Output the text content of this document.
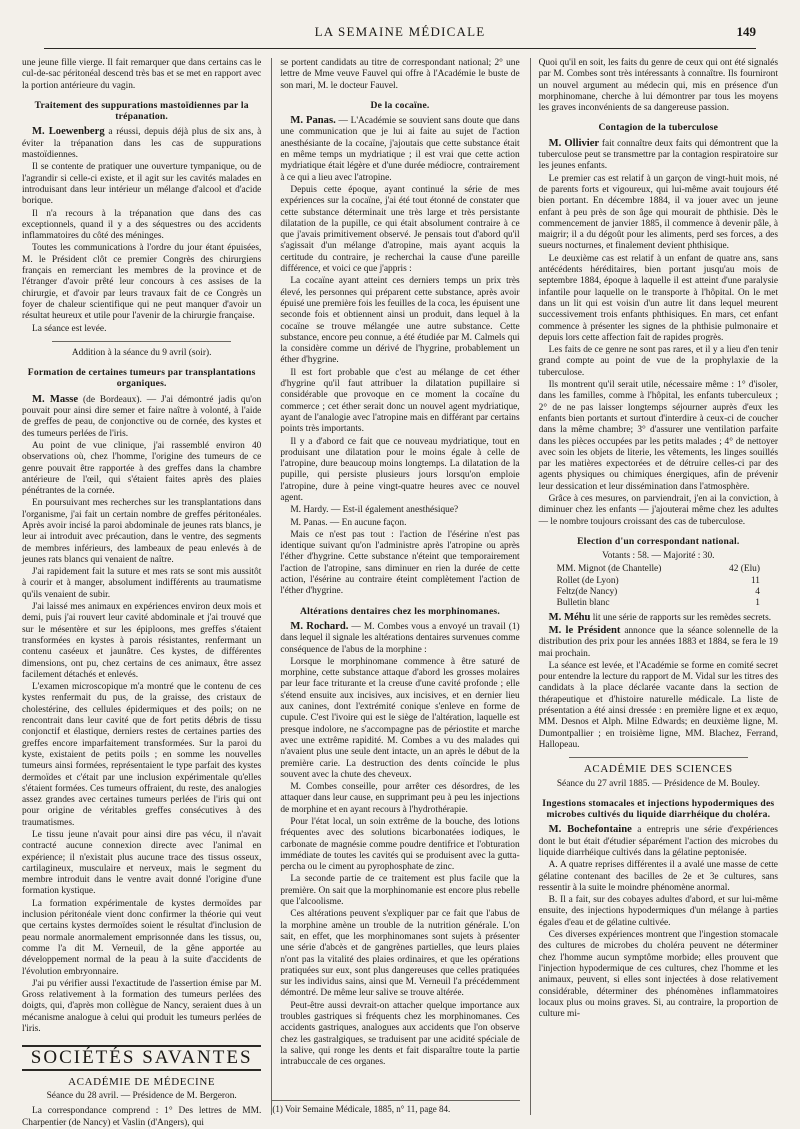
LA SEMAINE MÉDICALE	149

une jeune fille vierge. Il fait remarquer que dans certains cas le cul-de-sac péritonéal descend très bas et se met en rapport avec la portion antérieure du vagin.

Traitement des suppurations mastoïdiennes par la trépanation.

M. Loewenberg a réussi, depuis déjà plus de six ans, à éviter la trépanation dans les cas de suppurations mastoïdiennes.

Il se contente de pratiquer une ouverture tympanique, ou de l'agrandir si celle-ci existe, et il agit sur les cavités malades en introduisant dans leur intérieur un mélange d'alcool et d'acide borique.

Il n'a recours à la trépanation que dans des cas exceptionnels, quand il y a des séquestres ou des accidents inflammatoires du côté des méninges.

Toutes les communications à l'ordre du jour étant épuisées, M. le Président clôt ce premier Congrès des chirurgiens français en remerciant les membres de la province et de l'étranger d'avoir prêté leur concours à ces assises de la chirurgie, et d'avoir par leurs travaux fait de ce Congrès un foyer de chaleur scientifique qui ne peut manquer d'avoir un résultat heureux et utile pour l'avenir de la chirurgie française.

La séance est levée.

Addition à la séance du 9 avril (soir).

Formation de certaines tumeurs par transplantations organiques.

M. Masse (de Bordeaux). — J'ai démontré jadis qu'on pouvait pour ainsi dire semer et faire naître à volonté, à l'aide de greffes de peau, de conjonctive ou de cornée, des kystes et des tumeurs perlées de l'iris.

Au point de vue clinique, j'ai rassemblé environ 40 observations où, chez l'homme, l'origine des tumeurs de ce genre pouvait être rapportée à des greffes dans la chambre antérieure de l'œil, qui s'étaient faites après des plaies pénétrantes de la cornée.

En poursuivant mes recherches sur les transplantations dans l'organisme, j'ai fait un certain nombre de greffes péritonéales. Après avoir incisé la paroi abdominale de jeunes rats blancs, je leur ai introduit avec précaution, dans le ventre, des segments de membres inférieurs, des lambeaux de peau enlevés à de jeunes rats blancs qui venaient de naître.

J'ai rapidement fait la suture et mes rats se sont mis aussitôt à courir et à manger, absolument indifférents au traumatisme qu'ils venaient de subir.

J'ai laissé mes animaux en expériences environ deux mois et demi, puis j'ai rouvert leur cavité abdominale et j'ai trouvé que sur le mésentère et sur les épiploons, mes greffes s'étaient transformées en kystes à parois résistantes, renfermant un contenu caséeux et jaunâtre. Ces kystes, de différentes dimensions, ont pu, chez certains de ces animaux, être assez facilement détachés et enlevés.

L'examen microscopique m'a montré que le contenu de ces kystes renfermait du pus, de la graisse, des cristaux de cholestérine, des cellules épidermiques et des poils; on ne rencontrait dans leur cavité que de fort petits débris de tissu conjonctif et élastique, derniers restes de certaines parties des greffes encore imparfaitement transformées. Sur la paroi du kyste, existaient de petits poils ; en somme les nouvelles tumeurs ainsi formées, représentaient le type parfait des kystes dermoïdes et c'était par une inclusion expérimentale qu'elles s'étaient formées. Ces tumeurs offraient, du reste, des analogies assez grandes avec certaines tumeurs perlées de l'iris qui ont pour origine de véritables greffes consécutives à des traumatismes.

Le tissu jeune n'avait pour ainsi dire pas vécu, il n'avait contracté aucune connexion directe avec l'animal en expérience; il n'existait plus aucune trace des tissus osseux, cartilagineux, musculaire et nerveux, mais le segment du membre introduit dans le ventre avait donné l'origine d'une formation kystique.

La formation expérimentale de kystes dermoïdes par inclusion péritonéale vient donc confirmer la théorie qui veut que certains kystes dermoïdes soient le résultat d'inclusion de peau normale anormalement emprisonnée dans les tissus, ou, comme l'a dit M. Verneuil, de la gêne apportée au développement normal de la peau à la suite d'accidents de l'évolution embryonnaire.

J'ai pu vérifier aussi l'exactitude de l'assertion émise par M. Gross relativement à la formation des tumeurs perlées des doigts, qui, d'après mon collègue de Nancy, seraient dues à un mécanisme analogue à celui qui produit les tumeurs perlées de l'iris.

SOCIÉTÉS SAVANTES
ACADÉMIE DE MÉDECINE
Séance du 28 avril. — Présidence de M. Bergeron.

La correspondance comprend : 1° Des lettres de MM. Charpentier (de Nancy) et Vaslin (d'Angers), qui

se portent candidats au titre de correspondant national; 2° une lettre de Mme veuve Fauvel qui offre à l'Académie le buste de son mari, M. le docteur Fauvel.

De la cocaïne.

M. Panas. — L'Académie se souvient sans doute que dans une communication que je lui ai faite au sujet de l'action anesthésiante de la cocaïne, j'ajoutais que cette substance était en même temps un mydriatique ; il est vrai que cette action mydriatique était légère et d'une durée médiocre, contrairement à ce qui a lieu avec l'atropine.

Depuis cette époque, ayant continué la série de mes expériences sur la cocaïne, j'ai été tout étonné de constater que cette substance déterminait une très large et très persistante dilatation de la pupille, ce qui était absolument contraire à ce que j'avais primitivement observé. Je pensais tout d'abord qu'il s'agissait d'un mélange d'atropine, mais ayant acquis la certitude du contraire, je recherchai la cause d'une pareille différence, et voici ce que j'appris :

La cocaïne ayant atteint ces derniers temps un prix très élevé, les personnes qui préparent cette substance, après avoir épuisé une première fois les feuilles de la coca, les épuisent une seconde fois et obtiennent ainsi un produit, dans lequel à la cocaïne se trouve mélangée une autre substance. Cette substance, encore peu connue, a été étudiée par M. Calmels qui la considère comme un dérivé de l'hygrine, probablement un éther d'hygrine.

Il est fort probable que c'est au mélange de cet éther d'hygrine qu'il faut attribuer la dilatation pupillaire si considérable que provoque en ce moment la cocaïne du commerce ; cet éther serait donc un nouvel agent mydriatique, ayant de l'analogie avec l'atropine mais en différant par certains points très importants.

Il y a d'abord ce fait que ce nouveau mydriatique, tout en produisant une dilatation pour le moins égale à celle de l'atropine, dure beaucoup moins longtemps. La dilatation de la pupille, qui persiste plusieurs jours lorsqu'on emploie l'atropine, dure à peine vingt-quatre heures avec ce nouvel agent.

M. Hardy. — Est-il également anesthésique?

M. Panas. — En aucune façon.

Mais ce n'est pas tout : l'action de l'ésérine n'est pas identique suivant qu'on l'administre après l'atropine ou après l'éther d'hygrine. Cette substance n'éteint que temporairement l'action de l'atropine, sans diminuer en rien la durée de cette action, l'ésérine au contraire éteint complètement l'action de l'éther d'hygrine.

Altérations dentaires chez les morphinomanes.

M. Rochard. — M. Combes vous a envoyé un travail (1) dans lequel il signale les altérations dentaires survenues comme conséquence de l'abus de la morphine :

Lorsque le morphinomane commence à être saturé de morphine, cette substance attaque d'abord les grosses molaires par leur face triturante et la creuse d'une cavité profonde ; elle s'étend ensuite aux incisives, aux incisives, et en dernier lieu aux canines, dont l'extrémité conique s'enleve en forme de cupule. C'est l'ivoire qui est le siège de l'altération, laquelle est presque indolore, ne s'accompagne pas de périostite et marche avec une extrême rapidité. M. Combes a vu des malades qui n'avaient plus une seule dent intacte, un an après le début de la première carie. La destruction des dents coïncide le plus souvent avec la chute des cheveux.

M. Combes conseille, pour arrêter ces désordres, de les attaquer dans leur cause, en supprimant peu à peu les injections de morphine et en ayant recours à l'hydrothérapie.

Pour l'état local, un soin extrême de la bouche, des lotions fréquentes avec des solutions bicarbonatées iodiques, le carbonate de magnésie comme poudre dentifrice et l'obturation immédiate de toutes les cavités qui se produisent avec la gutta-percha ou le ciment au pyrophosphate de zinc.

La seconde partie de ce traitement est plus facile que la première. On sait que la morphinomanie est encore plus rebelle que l'alcoolisme.

Ces altérations peuvent s'expliquer par ce fait que l'abus de la morphine amène un trouble de la nutrition générale. L'on sait, en effet, que les morphinomanes sont sujets à présenter une série d'abcès et de gangrènes partielles, que leurs plaies n'ont pas la vitalité des plaies ordinaires, et que les opérations pratiquées sur eux, sont plus dangereuses que celles pratiquées sur les individus sains, ainsi que M. Verneuil l'a précédemment démontré. De même leur salive se trouve altérée.

Peut-être aussi devrait-on attacher quelque importance aux troubles gastriques si fréquents chez les morphinomanes. Ces accidents gastriques, analogues aux accidents que l'on observe chez les gastralgiques, se traduisent par une acidité spéciale de la salive, qui ronge les dents et fait disparaître toute la partie intrabuccale de ces organes.

(1) Voir Semaine Médicale, 1885, n° 11, page 84.

Quoi qu'il en soit, les faits du genre de ceux qui ont été signalés par M. Combes sont très intéressants à connaître. Ils fourniront un nouvel argument au médecin qui, mis en présence d'un morphinomane, cherche à lui démontrer par tous les moyens les graves inconvénients de sa dangereuse passion.

Contagion de la tuberculose

M. Ollivier fait connaître deux faits qui démontrent que la tuberculose peut se transmettre par la contagion respiratoire sur les jeunes enfants.

Le premier cas est relatif à un garçon de vingt-huit mois, né de parents forts et vigoureux, qui lui-même avait toujours été bien portant. En décembre 1884, il va jouer avec un jeune enfant à peu près de son âge qui mourait de phthisie. Dès le commencement de janvier 1885, il commence à devenir pâle, à maigrir; il a du dégoût pour les aliments, perd ses forces, a des sueurs nocturnes, et finalement devient phthisique.

Le deuxième cas est relatif à un enfant de quatre ans, sans antécédents héréditaires, bien portant jusqu'au mois de septembre 1884, époque à laquelle il est atteint d'une paralysie infantile pour laquelle on le transporte à l'hôpital. On le met dans un lit qui est voisin d'un autre lit dans lequel meurent successivement trois enfants phthisiques. En mars, cet enfant commence à présenter les signes de la phthisie pulmonaire et depuis lors cette affection fait de rapides progrès.

Les faits de ce genre ne sont pas rares, et il y a lieu d'en tenir grand compte au point de vue de la prophylaxie de la tuberculose.

Ils montrent qu'il serait utile, nécessaire même : 1° d'isoler, dans les familles, comme à l'hôpital, les enfants tuberculeux ; 2° de ne pas laisser longtemps séjourner auprès d'eux les enfants bien portants et surtout d'interdire à ceux-ci de coucher dans la même chambre; 3° d'assurer une ventilation parfaite dans les pièces occupées par les petits malades ; 4° de nettoyer avec soin les objets de literie, les vêtements, les linges souillés par les matières expectorées et de détruire celles-ci par des agents physiques ou chimiques énergiques, afin de prévenir leur dessication et leur dissémination dans l'atmosphère.

Grâce à ces mesures, on parviendrait, j'en ai la conviction, à diminuer chez les enfants — j'ajouterai même chez les adultes — le nombre toujours croissant des cas de tuberculose.

Election d'un correspondant national.

Votants : 58. — Majorité : 30.

MM. Mignot (de Chantelle)	42 (Elu)
Rollet (de Lyon)	11
Feltz(de Nancy)	4
Bulletin blanc	1

M. Méhu lit une série de rapports sur les remèdes secrets.

M. le Président annonce que la séance solennelle de la distribution des prix pour les années 1883 et 1884, se fera le 19 mai prochain.

La séance est levée, et l'Académie se forme en comité secret pour entendre la lecture du rapport de M. Vidal sur les titres des candidats à la place déclarée vacante dans la section de thérapeutique et d'histoire naturelle médicale. La liste de présentation a été ainsi dressée : en première ligne et ex æquo, MM. Desnos et Alph. Milne Edwards; en deuxième ligne, M. Dumontpallier ; en troisième ligne, MM. Blachez, Ferrand, Hallopeau.

ACADÉMIE DES SCIENCES
Séance du 27 avril 1885. — Présidence de M. Bouley.
Ingestions stomacales et injections hypodermiques des microbes cultivés du liquide diarrhéique du choléra.

M. Bochefontaine a entrepris une série d'expériences dont le but était d'étudier séparément l'action des microbes du liquide diarrhéique cultivés dans la gélatine peptonisée.

A. A quatre reprises différentes il a avalé une masse de cette gélatine contenant des bacilles de 2e et 3e cultures, sans ressentir à la suite le moindre phénomène anormal.

B. Il a fait, sur des cobayes adultes d'abord, et sur lui-même ensuite, des injections hypodermiques d'un mélange à parties égales d'eau et de gélatine cultivée.

Ces diverses expériences montrent que l'ingestion stomacale des cultures de microbes du choléra peuvent ne déterminer chez l'homme aucun symptôme morbide; elles prouvent que l'injection hypodermique de ces cultures, chez l'homme et les animaux, peuvent, si elles sont injectées à dose relativement considérable, déterminer des phénomènes inflammatoires locaux plus ou moins graves. Si, au contraire, la proportion de culture mi-
